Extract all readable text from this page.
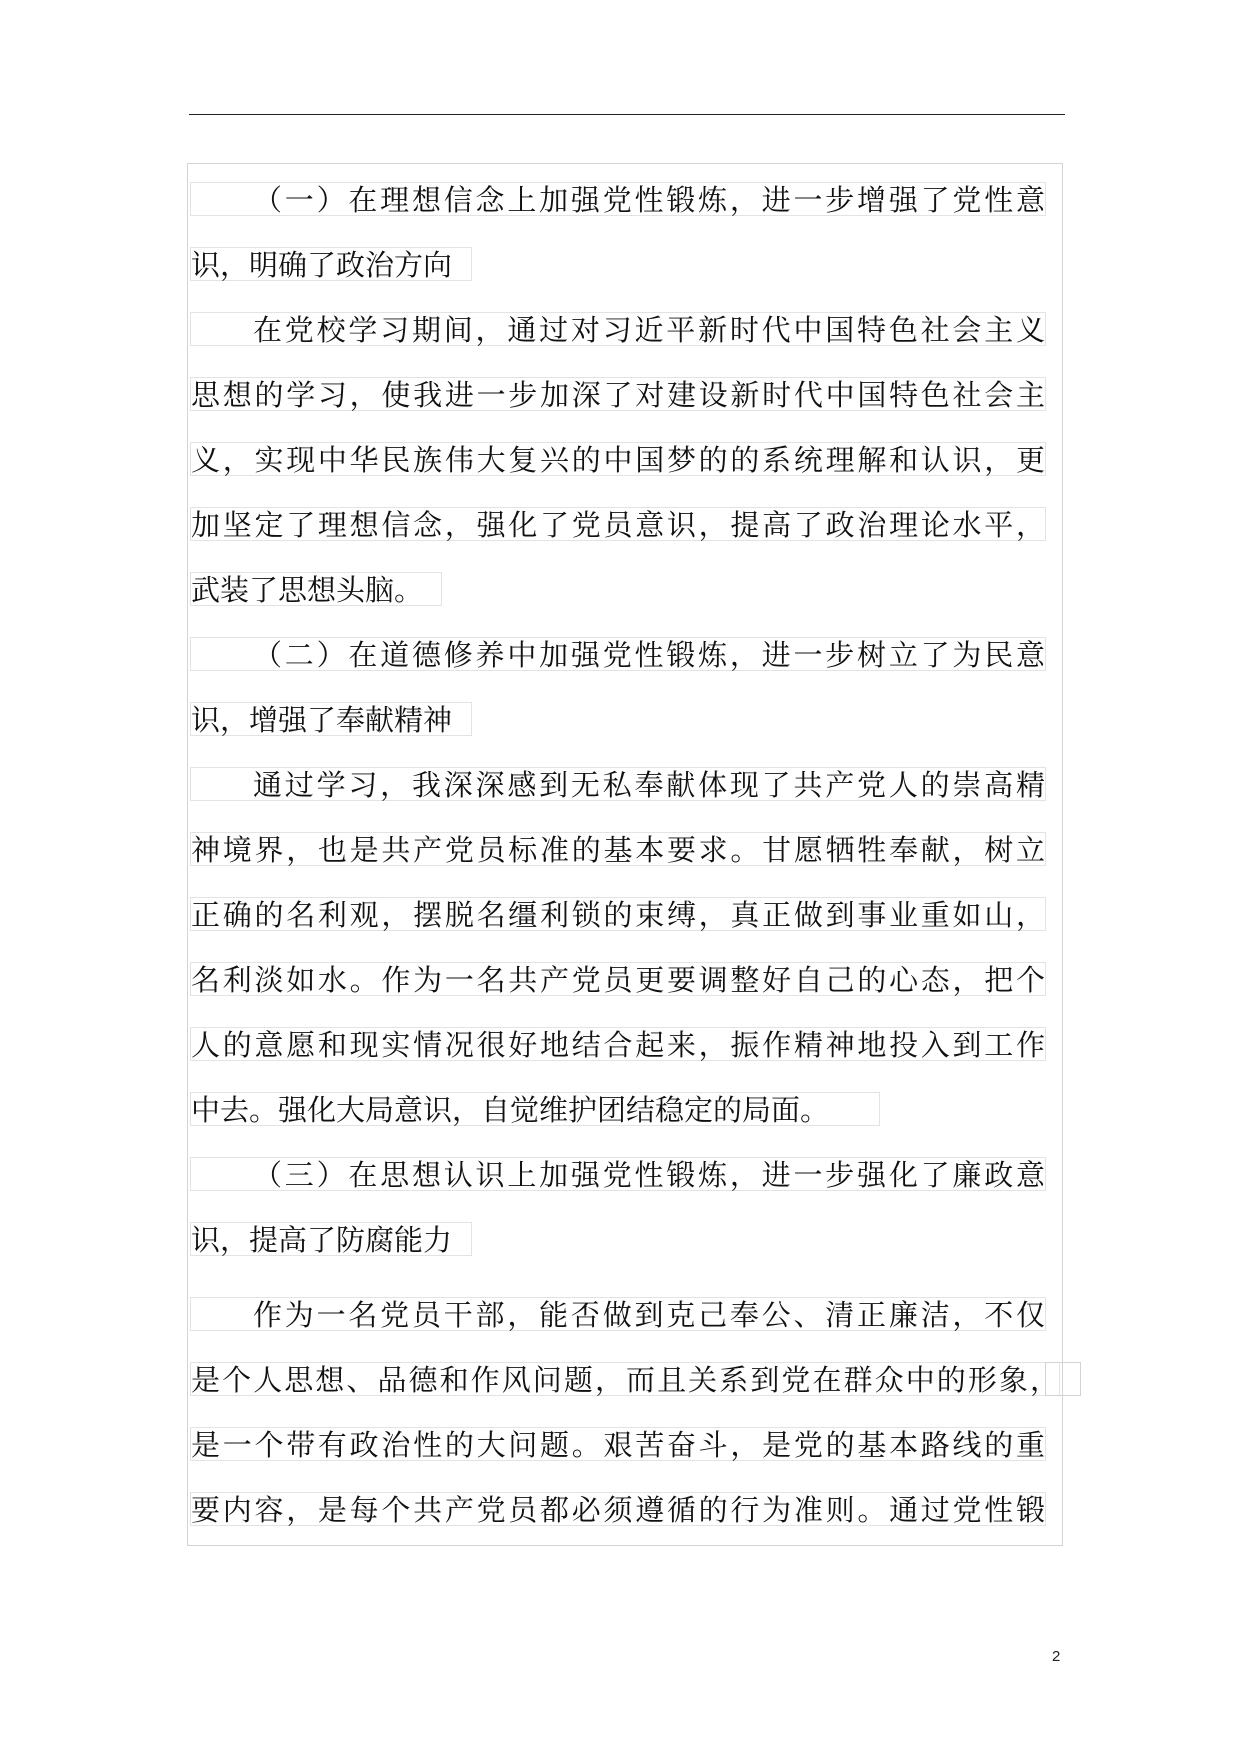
（一）在理想信念上加强党性锻炼，进一步增强了党性意
识，明确了政治方向
在党校学习期间，通过对习近平新时代中国特色社会主义
思想的学习，使我进一步加深了对建设新时代中国特色社会主
义，实现中华民族伟大复兴的中国梦的的系统理解和认识，更
加坚定了理想信念，强化了党员意识，提高了政治理论水平，
武装了思想头脑。
（二）在道德修养中加强党性锻炼，进一步树立了为民意
识，增强了奉献精神
通过学习，我深深感到无私奉献体现了共产党人的崇高精
神境界，也是共产党员标准的基本要求。甘愿牺牲奉献，树立
正确的名利观，摆脱名缰利锁的束缚，真正做到事业重如山，
名利淡如水。作为一名共产党员更要调整好自己的心态，把个
人的意愿和现实情况很好地结合起来，振作精神地投入到工作
中去。强化大局意识，自觉维护团结稳定的局面。
（三）在思想认识上加强党性锻炼，进一步强化了廉政意
识，提高了防腐能力
作为一名党员干部，能否做到克己奉公、清正廉洁，不仅
是个人思想、品德和作风问题，而且关系到党在群众中的形象，
是一个带有政治性的大问题。艰苦奋斗，是党的基本路线的重
要内容，是每个共产党员都必须遵循的行为准则。通过党性锻
2
